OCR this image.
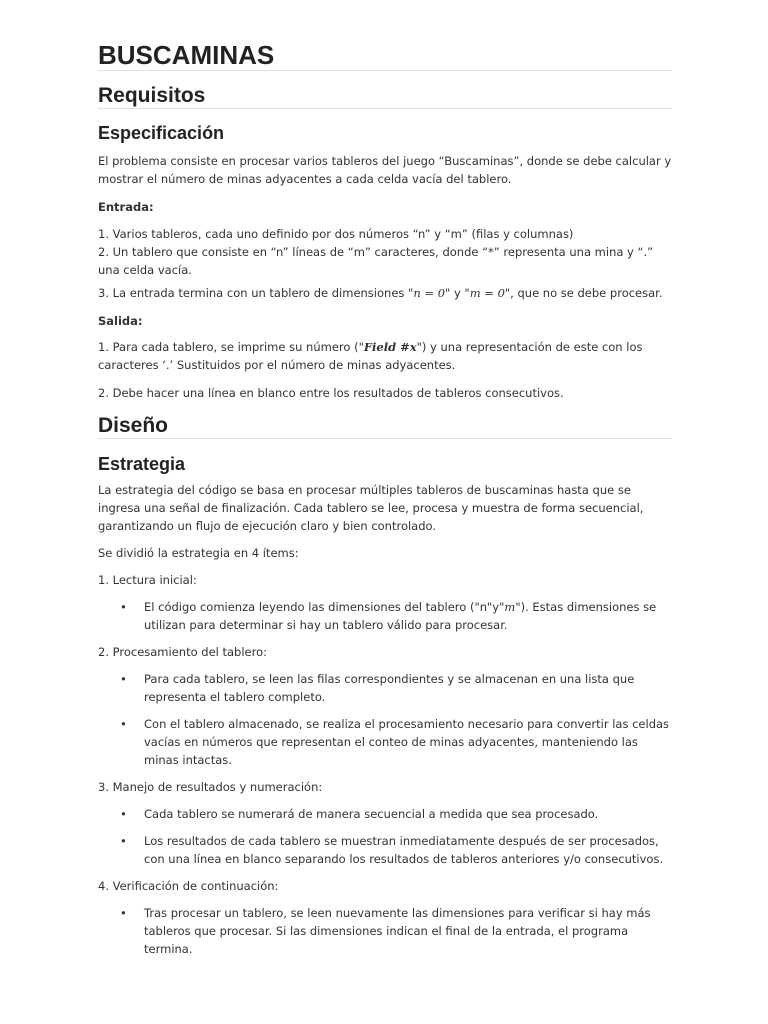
BUSCAMINAS
Requisitos
Especificación

El problema consiste en procesar varios tableros del juego “Buscaminas”, donde se debe calcular y mostrar el número de minas adyacentes a cada celda vacía del tablero.

Entrada:

1. Varios tableros, cada uno definido por dos números “n” y “m” (filas y columnas)

2. Un tablero que consiste en “n” líneas de “m” caracteres, donde “*” representa una mina y “.” una celda vacía.

3. La entrada termina con un tablero de dimensiones "n = 0" y "m = 0", que no se debe procesar.

Salida:

1. Para cada tablero, se imprime su número ("Field #x") y una representación de este con los caracteres ‘.’ Sustituidos por el número de minas adyacentes.

2. Debe hacer una línea en blanco entre los resultados de tableros consecutivos.

Diseño
Estrategia

La estrategia del código se basa en procesar múltiples tableros de buscaminas hasta que se ingresa una señal de finalización. Cada tablero se lee, procesa y muestra de forma secuencial, garantizando un flujo de ejecución claro y bien controlado.

Se dividió la estrategia en 4 ítems:

1. Lectura inicial:

• El código comienza leyendo las dimensiones del tablero ("n"y"m"). Estas dimensiones se utilizan para determinar si hay un tablero válido para procesar.

2. Procesamiento del tablero:

• Para cada tablero, se leen las filas correspondientes y se almacenan en una lista que representa el tablero completo.
• Con el tablero almacenado, se realiza el procesamiento necesario para convertir las celdas vacías en números que representan el conteo de minas adyacentes, manteniendo las minas intactas.

3. Manejo de resultados y numeración:

• Cada tablero se numerará de manera secuencial a medida que sea procesado.
• Los resultados de cada tablero se muestran inmediatamente después de ser procesados, con una línea en blanco separando los resultados de tableros anteriores y/o consecutivos.

4. Verificación de continuación:

• Tras procesar un tablero, se leen nuevamente las dimensiones para verificar si hay más tableros que procesar. Si las dimensiones indican el final de la entrada, el programa termina.
